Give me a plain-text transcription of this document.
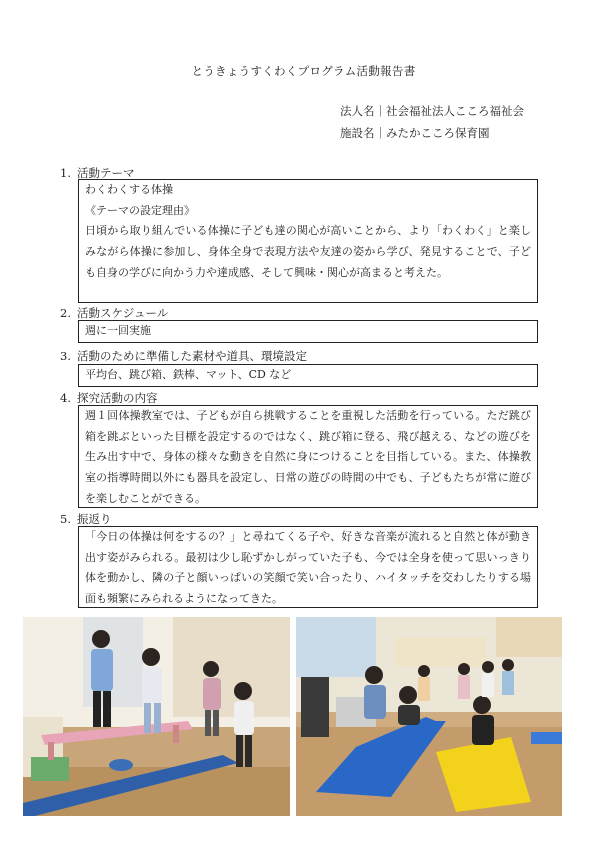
とうきょうすくわくプログラム活動報告書
法人名｜社会福祉法人こころ福祉会
施設名｜みたかこころ保育園
1. 活動テーマ

わくわくする体操

《テーマの設定理由》

日頃から取り組んでいる体操に子ども達の関心が高いことから、より「わくわく」と楽しみながら体操に参加し、身体全身で表現方法や友達の姿から学び、発見することで、子ども自身の学びに向かう力や達成感、そして興味・関心が高まると考えた。

2. 活動スケジュール

週に一回実施

3. 活動のために準備した素材や道具、環境設定

平均台、跳び箱、鉄棒、マット、CD など

4. 探究活動の内容

週１回体操教室では、子どもが自ら挑戦することを重視した活動を行っている。ただ跳び箱を跳ぶといった目標を設定するのではなく、跳び箱に登る、飛び越える、などの遊びを生み出す中で、身体の様々な動きを自然に身につけることを目指している。また、体操教室の指導時間以外にも器具を設定し、日常の遊びの時間の中でも、子どもたちが常に遊びを楽しむことができる。

5. 振返り

「今日の体操は何をするの？」と尋ねてくる子や、好きな音楽が流れると自然と体が動き出す姿がみられる。最初は少し恥ずかしがっていた子も、今では全身を使って思いっきり体を動かし、隣の子と顔いっぱいの笑顔で笑い合ったり、ハイタッチを交わしたりする場面も頻繁にみられるようになってきた。
